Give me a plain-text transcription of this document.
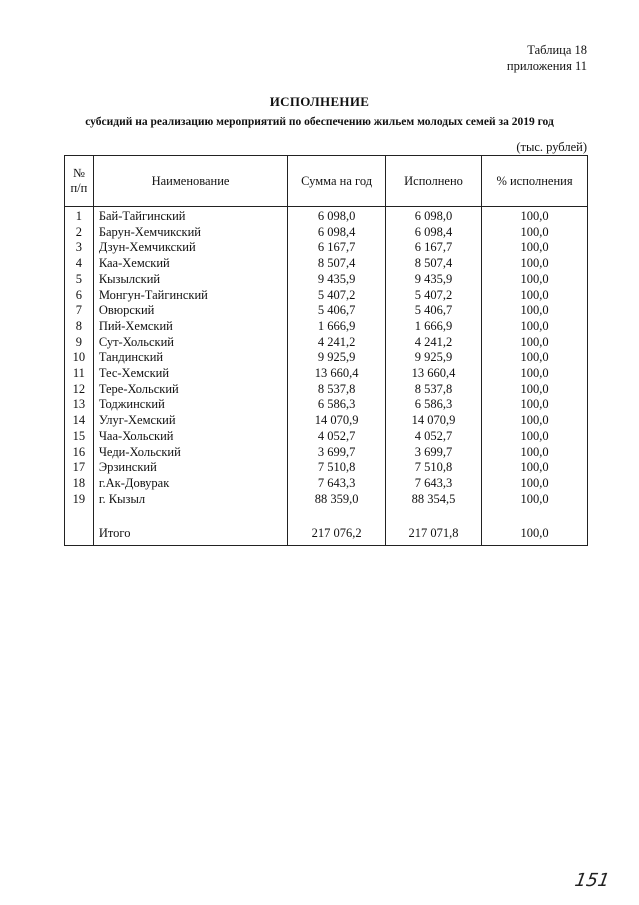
Таблица 18
приложения 11
ИСПОЛНЕНИЕ
субсидий на реализацию мероприятий по обеспечению жильем молодых семей за 2019 год
(тыс. рублей)
№ п/п	Наименование	Сумма на год	Исполнено	% исполнения
1	Бай-Тайгинский	6 098,0	6 098,0	100,0
2	Барун-Хемчикский	6 098,4	6 098,4	100,0
3	Дзун-Хемчикский	6 167,7	6 167,7	100,0
4	Каа-Хемский	8 507,4	8 507,4	100,0
5	Кызылский	9 435,9	9 435,9	100,0
6	Монгун-Тайгинский	5 407,2	5 407,2	100,0
7	Овюрский	5 406,7	5 406,7	100,0
8	Пий-Хемский	1 666,9	1 666,9	100,0
9	Сут-Хольский	4 241,2	4 241,2	100,0
10	Тандинский	9 925,9	9 925,9	100,0
11	Тес-Хемский	13 660,4	13 660,4	100,0
12	Тере-Хольский	8 537,8	8 537,8	100,0
13	Тоджинский	6 586,3	6 586,3	100,0
14	Улуг-Хемский	14 070,9	14 070,9	100,0
15	Чаа-Хольский	4 052,7	4 052,7	100,0
16	Чеди-Хольский	3 699,7	3 699,7	100,0
17	Эрзинский	7 510,8	7 510,8	100,0
18	г.Ак-Довурак	7 643,3	7 643,3	100,0
19	г. Кызыл	88 359,0	88 354,5	100,0

	Итого	217 076,2	217 071,8	100,0
151
